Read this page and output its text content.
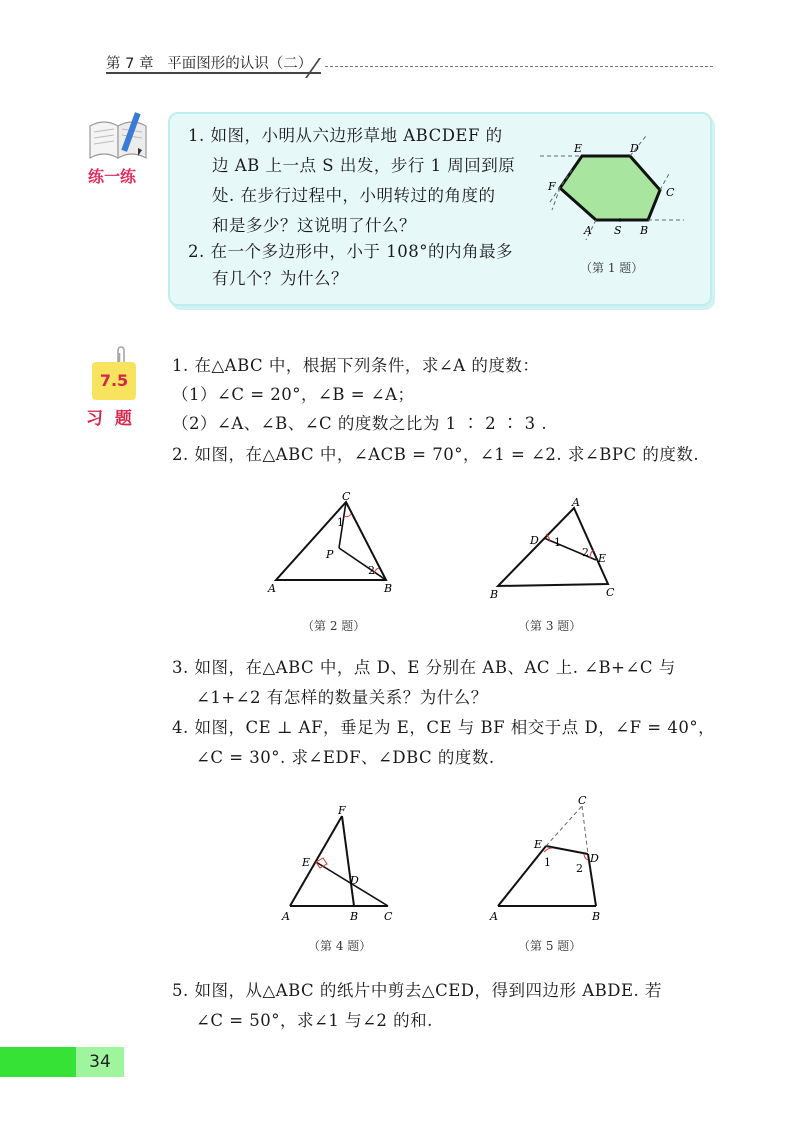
第 7 章 平面图形的认识（二）
练一练
1. 如图，小明从六边形草地 ABCDEF 的
边 AB 上一点 S 出发，步行 1 周回到原
处. 在步行过程中，小明转过的角度的
和是多少？这说明了什么？
2. 在一个多边形中，小于 108°的内角最多
有几个？为什么？
E	D
F	C
A S B
（第 1 题）
7.5
习 题
1. 在△ABC 中，根据下列条件，求∠A 的度数：
（1）∠C = 20°，∠B = ∠A；
（2）∠A、∠B、∠C 的度数之比为 1 ∶ 2 ∶ 3 .
2. 如图，在△ABC 中，∠ACB = 70°，∠1 = ∠2. 求∠BPC 的度数.
C
A	B
P
1
2
（第 2 题）
A
D
E
B	C
1
2
（第 3 题）
3. 如图，在△ABC 中，点 D、E 分别在 AB、AC 上. ∠B+∠C 与
∠1+∠2 有怎样的数量关系？为什么？
4. 如图，CE ⊥ AF，垂足为 E，CE 与 BF 相交于点 D，∠F = 40°，
∠C = 30°. 求∠EDF、∠DBC 的度数.
F
E
D
A	B C
（第 4 题）
C
E
D
A	B
1 2
（第 5 题）
5. 如图，从△ABC 的纸片中剪去△CED，得到四边形 ABDE. 若
∠C = 50°，求∠1 与∠2 的和.
34
